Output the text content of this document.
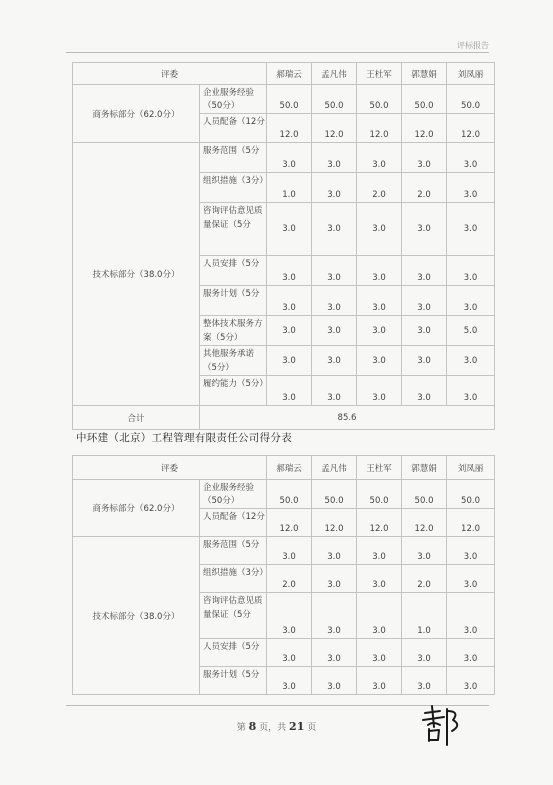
评标报告
评委		郝瑞云	孟凡伟	王杜军	郭慧娟	刘凤丽
商务标部分（62.0分）	企业服务经验（50分）	50.0	50.0	50.0	50.0	50.0
	人员配备（12分	12.0	12.0	12.0	12.0	12.0
技术标部分（38.0分）	服务范围（5分	3.0	3.0	3.0	3.0	3.0
	组织措施（3分）	1.0	3.0	2.0	2.0	3.0
	咨询评估意见质量保证（5分	3.0	3.0	3.0	3.0	3.0
	人员安排（5分	3.0	3.0	3.0	3.0	3.0
	服务计划（5分	3.0	3.0	3.0	3.0	3.0
	整体技术服务方案（5分）	3.0	3.0	3.0	3.0	5.0
	其他服务承诺（5分）	3.0	3.0	3.0	3.0	3.0
	履约能力（5分）	3.0	3.0	3.0	3.0	3.0
合计	85.6					
中环建（北京）工程管理有限责任公司得分表
评委		郝瑞云	孟凡伟	王杜军	郭慧娟	刘凤丽
商务标部分（62.0分）	企业服务经验（50分）	50.0	50.0	50.0	50.0	50.0
	人员配备（12分	12.0	12.0	12.0	12.0	12.0
技术标部分（38.0分）	服务范围（5分	3.0	3.0	3.0	3.0	3.0
	组织措施（3分）	2.0	3.0	3.0	2.0	3.0
	咨询评估意见质量保证（5分	3.0	3.0	3.0	1.0	3.0
	人员安排（5分	3.0	3.0	3.0	3.0	3.0
	服务计划（5分	3.0	3.0	3.0	3.0	3.0
第 8 页，共 21 页
